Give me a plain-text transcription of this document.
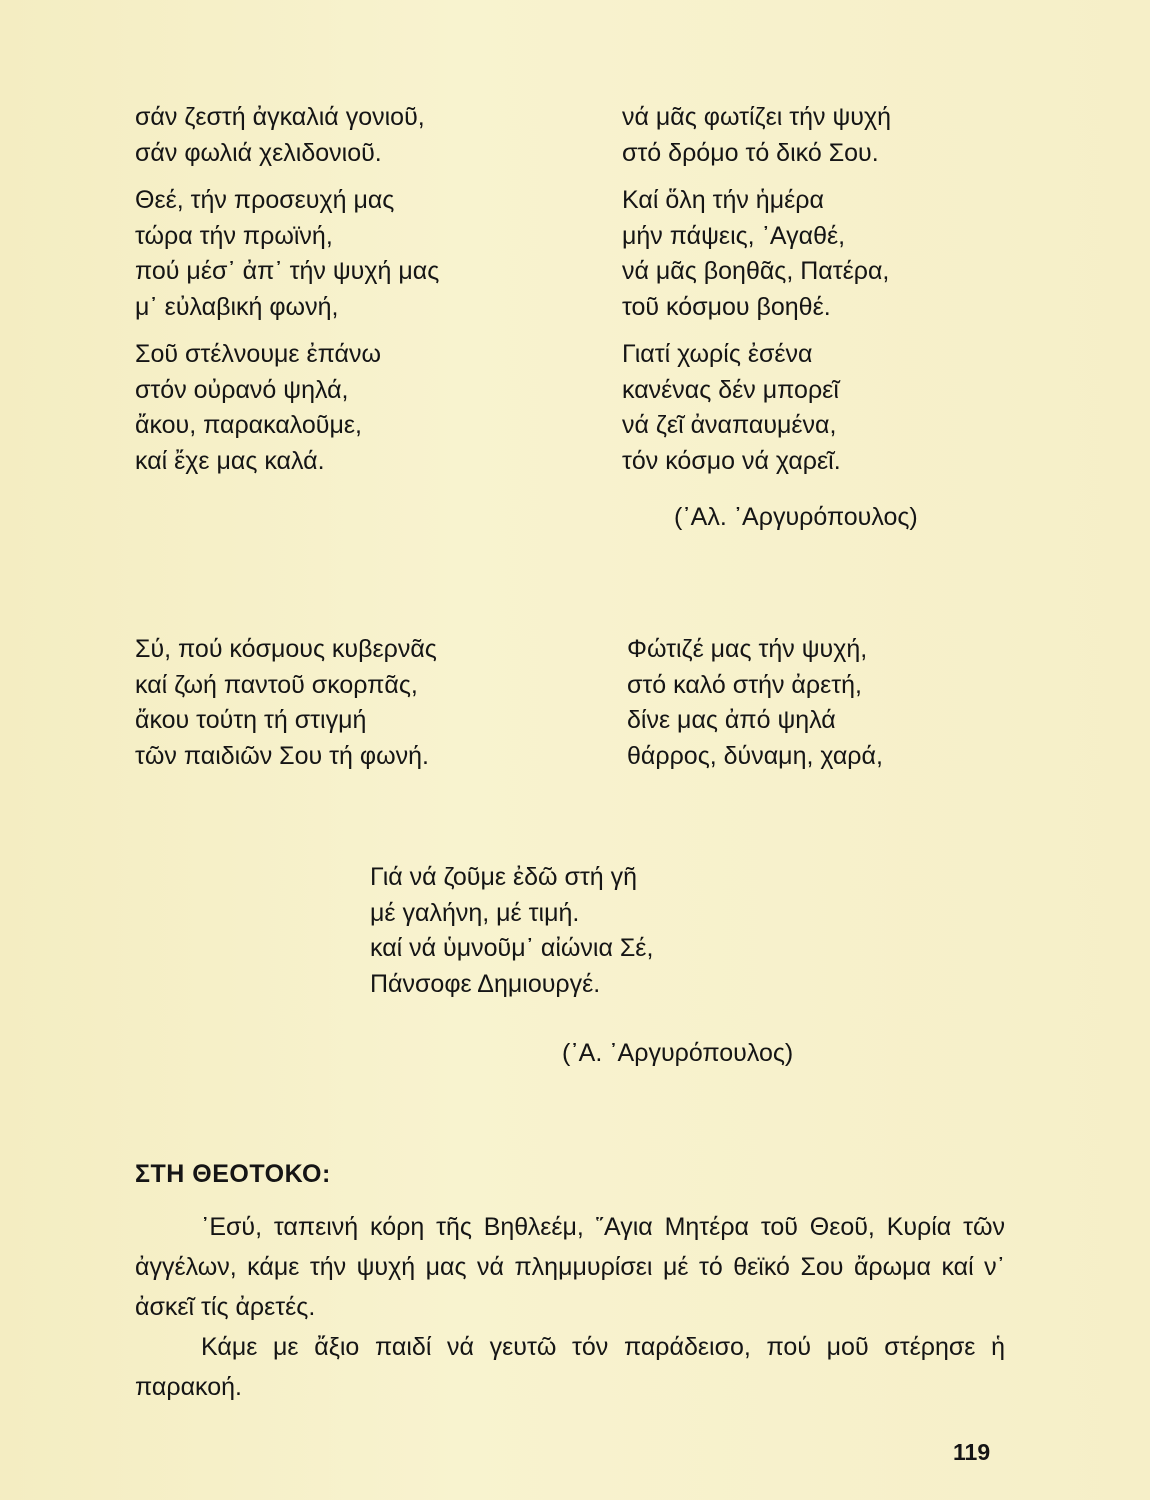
σάν ζεστή ἀγκαλιά γονιοῦ,
σάν φωλιά χελιδονιοῦ.
Θεέ, τήν προσευχή μας
τώρα τήν πρωϊνή,
πού μέσ᾽ ἀπ᾽ τήν ψυχή μας
μ᾽ εὐλαβική φωνή,
Σοῦ στέλνουμε ἐπάνω
στόν οὐρανό ψηλά,
ἄκου, παρακαλοῦμε,
καί ἔχε μας καλά.
νά μᾶς φωτίζει τήν ψυχή
στό δρόμο τό δικό Σου.
Καί ὅλη τήν ἡμέρα
μήν πάψεις, ᾿Αγαθέ,
νά μᾶς βοηθᾶς, Πατέρα,
τοῦ κόσμου βοηθέ.
Γιατί χωρίς ἐσένα
κανένας δέν μπορεῖ
νά ζεῖ ἀναπαυμένα,
τόν κόσμο νά χαρεῖ.
(᾿Αλ. ᾿Αργυρόπουλος)
Σύ, πού κόσμους κυβερνᾶς
καί ζωή παντοῦ σκορπᾶς,
ἄκου τούτη τή στιγμή
τῶν παιδιῶν Σου τή φωνή.
Φώτιζέ μας τήν ψυχή,
στό καλό στήν ἀρετή,
δίνε μας ἀπό ψηλά
θάρρος, δύναμη, χαρά,
Γιά νά ζοῦμε ἐδῶ στή γῆ
μέ γαλήνη, μέ τιμή.
καί νά ὑμνοῦμ᾽ αἰώνια Σέ,
Πάνσοφε Δημιουργέ.
(᾿Α. ᾿Αργυρόπουλος)
ΣΤΗ ΘΕΟΤΟΚΟ:

᾿Εσύ, ταπεινή κόρη τῆς Βηθλεέμ, ῞Αγια Μητέρα τοῦ Θεοῦ, Κυρία τῶν ἀγγέλων, κάμε τήν ψυχή μας νά πλημμυρίσει μέ τό θεϊκό Σου ἄρωμα καί ν᾽ ἀσκεῖ τίς ἀρετές.

Κάμε με ἄξιο παιδί νά γευτῶ τόν παράδεισο, πού μοῦ στέρησε ἡ παρακοή.

119
